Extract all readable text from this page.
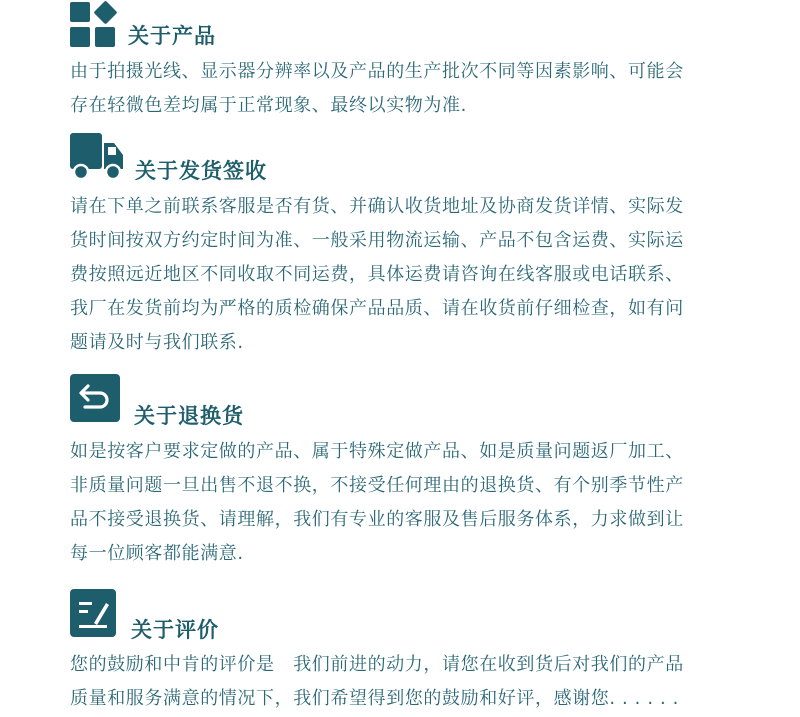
关于产品
由于拍摄光线、显示器分辨率以及产品的生产批次不同等因素影响、可能会
存在轻微色差均属于正常现象、最终以实物为准.
关于发货签收
请在下单之前联系客服是否有货、并确认收货地址及协商发货详情、实际发
货时间按双方约定时间为准、一般采用物流运输、产品不包含运费、实际运
费按照远近地区不同收取不同运费，具体运费请咨询在线客服或电话联系、
我厂在发货前均为严格的质检确保产品品质、请在收货前仔细检查，如有问
题请及时与我们联系.
关于退换货
如是按客户要求定做的产品、属于特殊定做产品、如是质量问题返厂加工、
非质量问题一旦出售不退不换，不接受任何理由的退换货、有个别季节性产
品不接受退换货、请理解，我们有专业的客服及售后服务体系，力求做到让
每一位顾客都能满意.
关于评价
您的鼓励和中肯的评价是　我们前进的动力，请您在收到货后对我们的产品
质量和服务满意的情况下，我们希望得到您的鼓励和好评，感谢您. . . . . .
